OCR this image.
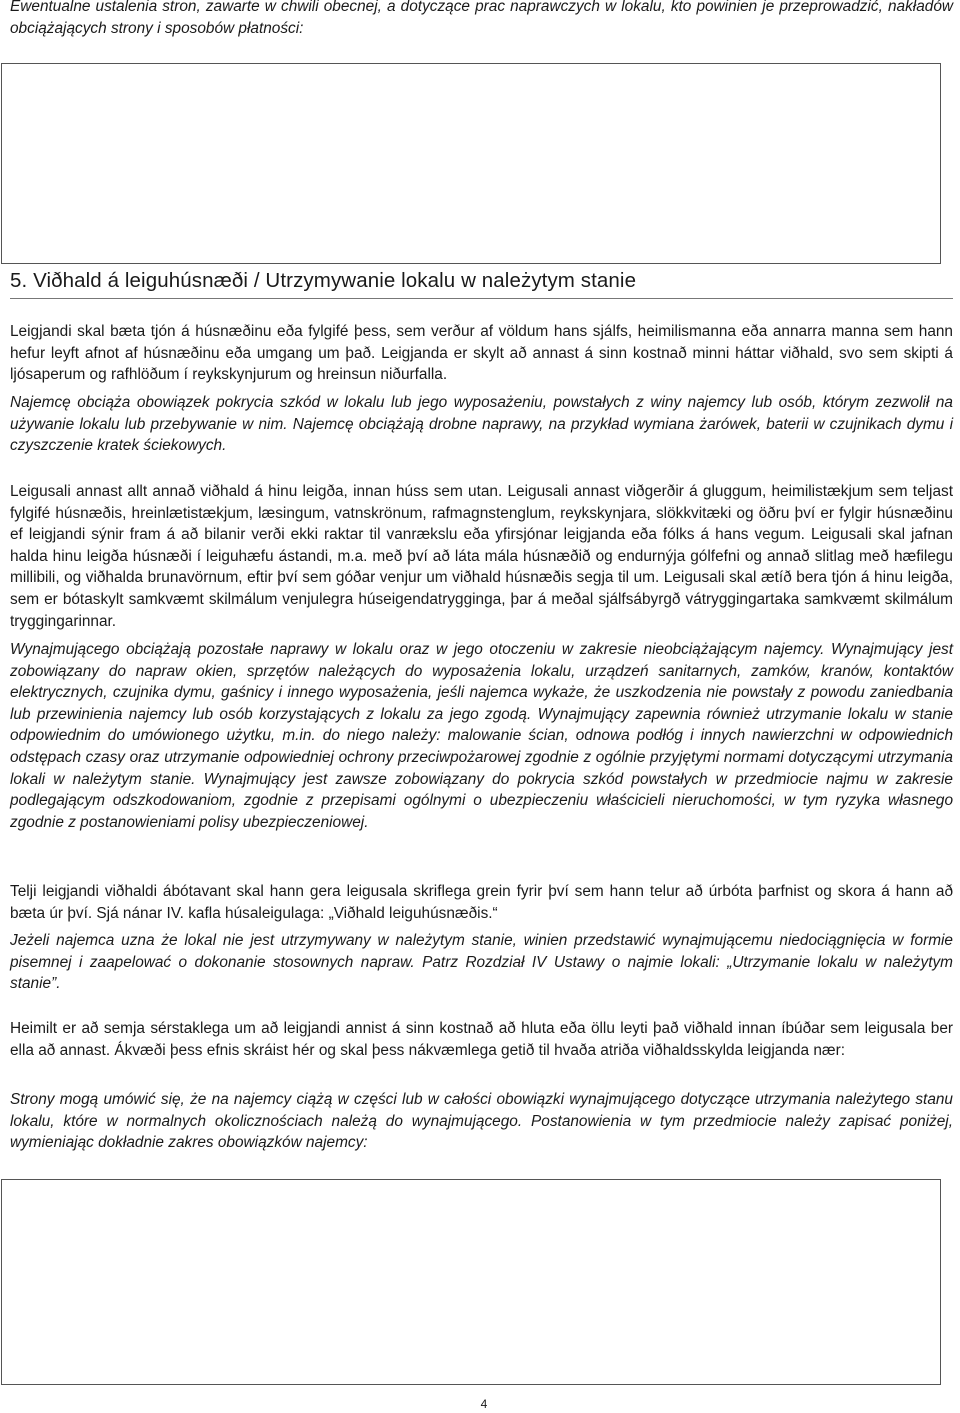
Ewentualne ustalenia stron, zawarte w chwili obecnej, a dotyczące prac naprawczych w lokalu, kto powinien je przeprowadzić, nakładów obciążających strony i sposobów płatności:

5. Viðhald á leiguhúsnæði / Utrzymywanie lokalu w należytym stanie

Leigjandi skal bæta tjón á húsnæðinu eða fylgifé þess, sem verður af völdum hans sjálfs, heimilismanna eða annarra manna sem hann hefur leyft afnot af húsnæðinu eða umgang um það. Leigjanda er skylt að annast á sinn kostnað minni háttar viðhald, svo sem skipti á ljósaperum og rafhlöðum í reykskynjurum og hreinsun niðurfalla.

Najemcę obciąża obowiązek pokrycia szkód w lokalu lub jego wyposażeniu, powstałych z winy najemcy lub osób, którym zezwolił na używanie lokalu lub przebywanie w nim. Najemcę obciążają drobne naprawy, na przykład wymiana żarówek, baterii w czujnikach dymu i czyszczenie kratek ściekowych.

Leigusali annast allt annað viðhald á hinu leigða, innan húss sem utan. Leigusali annast viðgerðir á gluggum, heimilistækjum sem teljast fylgifé húsnæðis, hreinlætistækjum, læsingum, vatnskrönum, rafmagnstenglum, reykskynjara, slökkvitæki og öðru því er fylgir húsnæðinu ef leigjandi sýnir fram á að bilanir verði ekki raktar til vanrækslu eða yfirsjónar leigjanda eða fólks á hans vegum. Leigusali skal jafnan halda hinu leigða húsnæði í leiguhæfu ástandi, m.a. með því að láta mála húsnæðið og endurnýja gólfefni og annað slitlag með hæfilegu millibili, og viðhalda brunavörnum, eftir því sem góðar venjur um viðhald húsnæðis segja til um. Leigusali skal ætíð bera tjón á hinu leigða, sem er bótaskylt samkvæmt skilmálum venjulegra húseigendatrygginga, þar á meðal sjálfsábyrgð vátryggingartaka samkvæmt skilmálum tryggingarinnar.

Wynajmującego obciążają pozostałe naprawy w lokalu oraz w jego otoczeniu w zakresie nieobciążającym najemcy. Wynajmujący jest zobowiązany do napraw okien, sprzętów należących do wyposażenia lokalu, urządzeń sanitarnych, zamków, kranów, kontaktów elektrycznych, czujnika dymu, gaśnicy i innego wyposażenia, jeśli najemca wykaże, że uszkodzenia nie powstały z powodu zaniedbania lub przewinienia najemcy lub osób korzystających z lokalu za jego zgodą. Wynajmujący zapewnia również utrzymanie lokalu w stanie odpowiednim do umówionego użytku, m.in. do niego należy: malowanie ścian, odnowa podłóg i innych nawierzchni w odpowiednich odstępach czasy oraz utrzymanie odpowiedniej ochrony przeciwpożarowej zgodnie z ogólnie przyjętymi normami dotyczącymi utrzymania lokali w należytym stanie. Wynajmujący jest zawsze zobowiązany do pokrycia szkód powstałych w przedmiocie najmu w zakresie podlegającym odszkodowaniom, zgodnie z przepisami ogólnymi o ubezpieczeniu właścicieli nieruchomości, w tym ryzyka własnego zgodnie z postanowieniami polisy ubezpieczeniowej.

Telji leigjandi viðhaldi ábótavant skal hann gera leigusala skriflega grein fyrir því sem hann telur að úrbóta þarfnist og skora á hann að bæta úr því. Sjá nánar IV. kafla húsaleigulaga: „Viðhald leiguhúsnæðis.“

Jeżeli najemca uzna że lokal nie jest utrzymywany w należytym stanie, winien przedstawić wynajmującemu niedociągnięcia w formie pisemnej i zaapelować o dokonanie stosownych napraw. Patrz Rozdział IV Ustawy o najmie lokali: „Utrzymanie lokalu w należytym stanie”.

Heimilt er að semja sérstaklega um að leigjandi annist á sinn kostnað að hluta eða öllu leyti það viðhald innan íbúðar sem leigusala ber ella að annast. Ákvæði þess efnis skráist hér og skal þess nákvæmlega getið til hvaða atriða viðhaldsskylda leigjanda nær:

Strony mogą umówić się, że na najemcy ciążą w części lub w całości obowiązki wynajmującego dotyczące utrzymania należytego stanu lokalu, które w normalnych okolicznościach należą do wynajmującego. Postanowienia w tym przedmiocie należy zapisać poniżej, wymieniając dokładnie zakres obowiązków najemcy:

4
